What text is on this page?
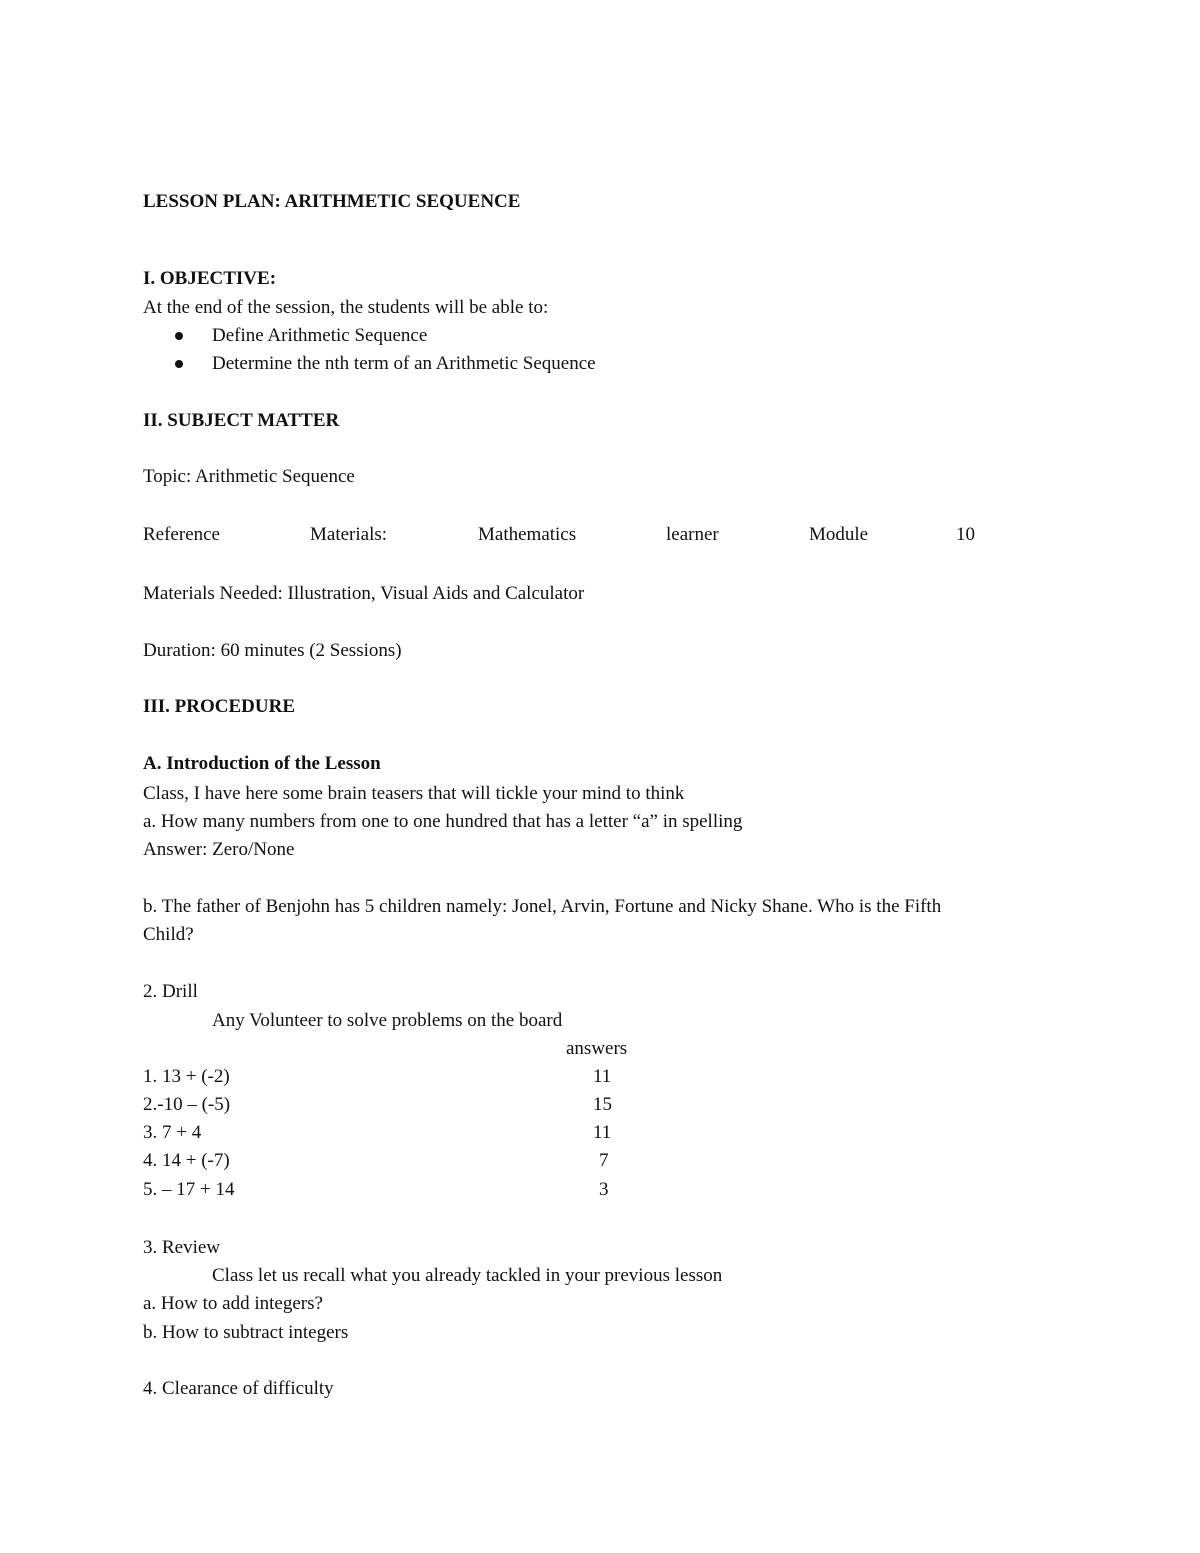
LESSON PLAN: ARITHMETIC SEQUENCE
I. OBJECTIVE:
At the end of the session, the students will be able to:
Define Arithmetic Sequence
Determine the nth term of an Arithmetic Sequence
II. SUBJECT MATTER
Topic: Arithmetic Sequence
Reference	Materials:	Mathematics	learner	Module	10
Materials Needed: Illustration, Visual Aids and Calculator
Duration: 60 minutes (2 Sessions)
III. PROCEDURE
A. Introduction of the Lesson
Class, I have here some brain teasers that will tickle your mind to think
a. How many numbers from one to one hundred that has a letter “a” in spelling
Answer: Zero/None
b. The father of Benjohn has 5 children namely: Jonel, Arvin, Fortune and Nicky Shane. Who is the Fifth
Child?
2. Drill
Any Volunteer to solve problems on the board
answers
1. 13 + (-2)	11
2.-10 – (-5)	15
3. 7 + 4	11
4. 14 + (-7)	7
5. – 17 + 14	3
3. Review
Class let us recall what you already tackled in your previous lesson
a. How to add integers?
b. How to subtract integers
4. Clearance of difficulty
